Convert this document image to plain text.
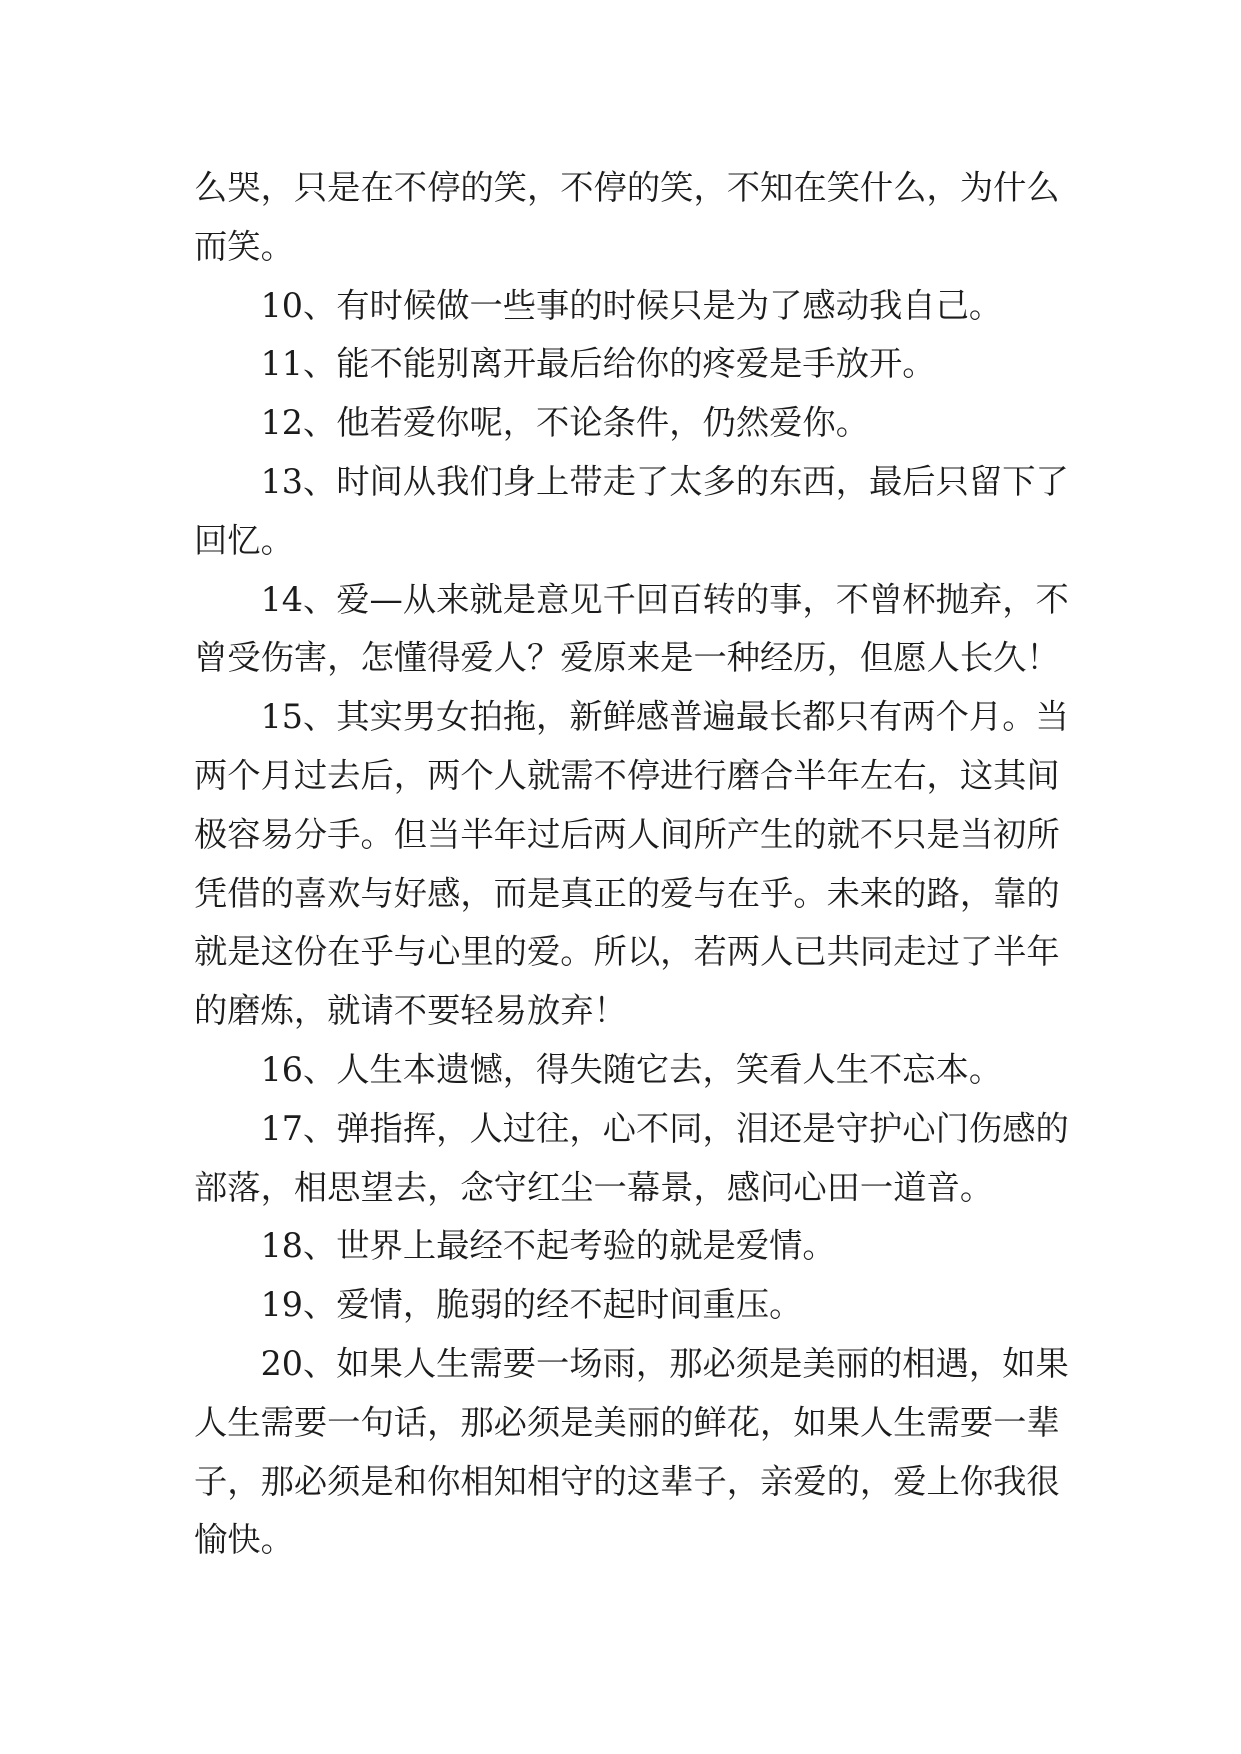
么哭，只是在不停的笑，不停的笑，不知在笑什么，为什么
而笑。
10、有时候做一些事的时候只是为了感动我自己。
11、能不能别离开最后给你的疼爱是手放开。
12、他若爱你呢，不论条件，仍然爱你。
13、时间从我们身上带走了太多的东西，最后只留下了
回忆。
14、爱—从来就是意见千回百转的事，不曾杯抛弃，不
曾受伤害，怎懂得爱人？爱原来是一种经历，但愿人长久！
15、其实男女拍拖，新鲜感普遍最长都只有两个月。当
两个月过去后，两个人就需不停进行磨合半年左右，这其间
极容易分手。但当半年过后两人间所产生的就不只是当初所
凭借的喜欢与好感，而是真正的爱与在乎。未来的路，靠的
就是这份在乎与心里的爱。所以，若两人已共同走过了半年
的磨炼，就请不要轻易放弃！
16、人生本遗憾，得失随它去，笑看人生不忘本。
17、弹指挥，人过往，心不同，泪还是守护心门伤感的
部落，相思望去，念守红尘一幕景，感问心田一道音。
18、世界上最经不起考验的就是爱情。
19、爱情，脆弱的经不起时间重压。
20、如果人生需要一场雨，那必须是美丽的相遇，如果
人生需要一句话，那必须是美丽的鲜花，如果人生需要一辈
子，那必须是和你相知相守的这辈子，亲爱的，爱上你我很
愉快。
